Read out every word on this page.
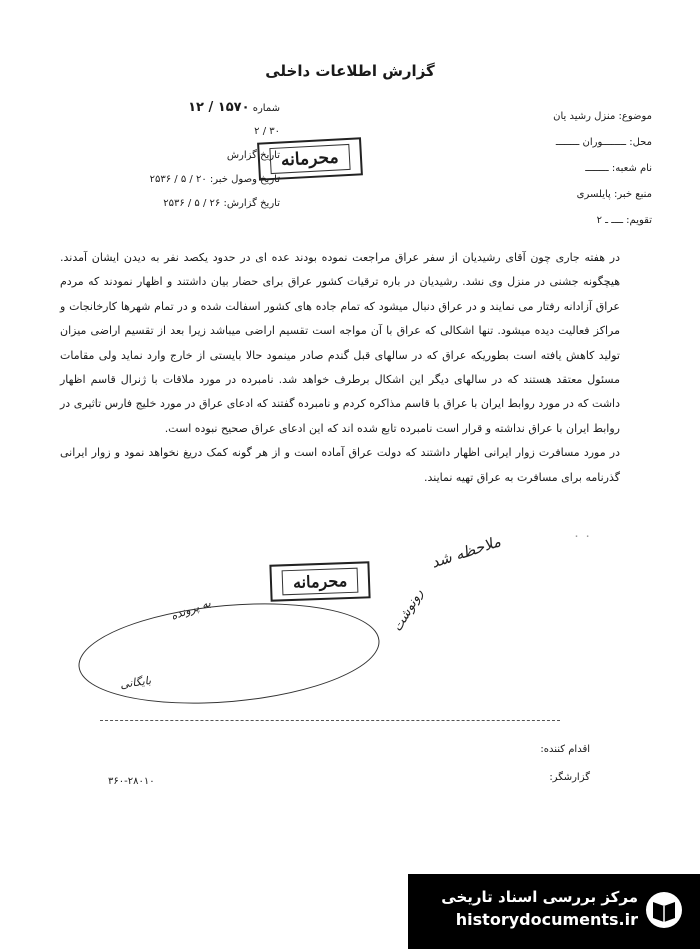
گزارش اطلاعات داخلی
موضوع: منزل رشید یان
محل: ــــــــوران ــــــــ
نام شعبه: ــــــــ
منبع خبر: پایلسری
تقویم: ــــ ـ ۲
شماره ۱۵۷۰ / ۱۲
۳۰ / ۲
تاریخ گزارش
تاریخ وصول خبر: ۲۰ / ۵ / ۲۵۳۶
تاریخ گزارش: ۲۶ / ۵ / ۲۵۳۶
محرمانه

در هفته جاری چون آقای رشیدیان از سفر عراق مراجعت نموده بودند عده ای در حدود یکصد نفر به دیدن ایشان آمدند. هیچگونه جشنی در منزل وی نشد. رشیدیان در باره ترقیات کشور عراق برای حضار بیان داشتند و اظهار نمودند که مردم عراق آزادانه رفتار می نمایند و در عراق دنبال میشود که تمام جاده های کشور اسفالت شده و در تمام شهرها کارخانجات و مراکز فعالیت دیده میشود. تنها اشکالی که عراق با آن مواجه است تقسیم اراضی میباشد زیرا بعد از تقسیم اراضی میزان تولید کاهش یافته است بطوریکه عراق که در سالهای قبل گندم صادر مینمود حالا بایستی از خارج وارد نماید ولی مقامات مسئول معتقد هستند که در سالهای دیگر این اشکال برطرف خواهد شد. نامبرده در مورد ملاقات با ژنرال قاسم اظهار داشت که در مورد روابط ایران با عراق با قاسم مذاکره کردم و نامبرده گفتند که ادعای عراق در مورد خلیج فارس تاثیری در روابط ایران با عراق نداشته و قرار است نامبرده تابع شده اند که این ادعای عراق صحیح نبوده است.

در مورد مسافرت زوار ایرانی اظهار داشتند که دولت عراق آماده است و از هر گونه کمک دریغ نخواهد نمود و زوار ایرانی گذرنامه برای مسافرت به عراق تهیه نمایند.

ملاحظه شد
محرمانه
رونوشت
به پرونده
بایگانی
۰ ۰
اقدام کننده:
گزارشگر:
۳۶۰-۲۸۰۱۰
مرکز بررسی اسناد تاریخی
historydocuments.ir
